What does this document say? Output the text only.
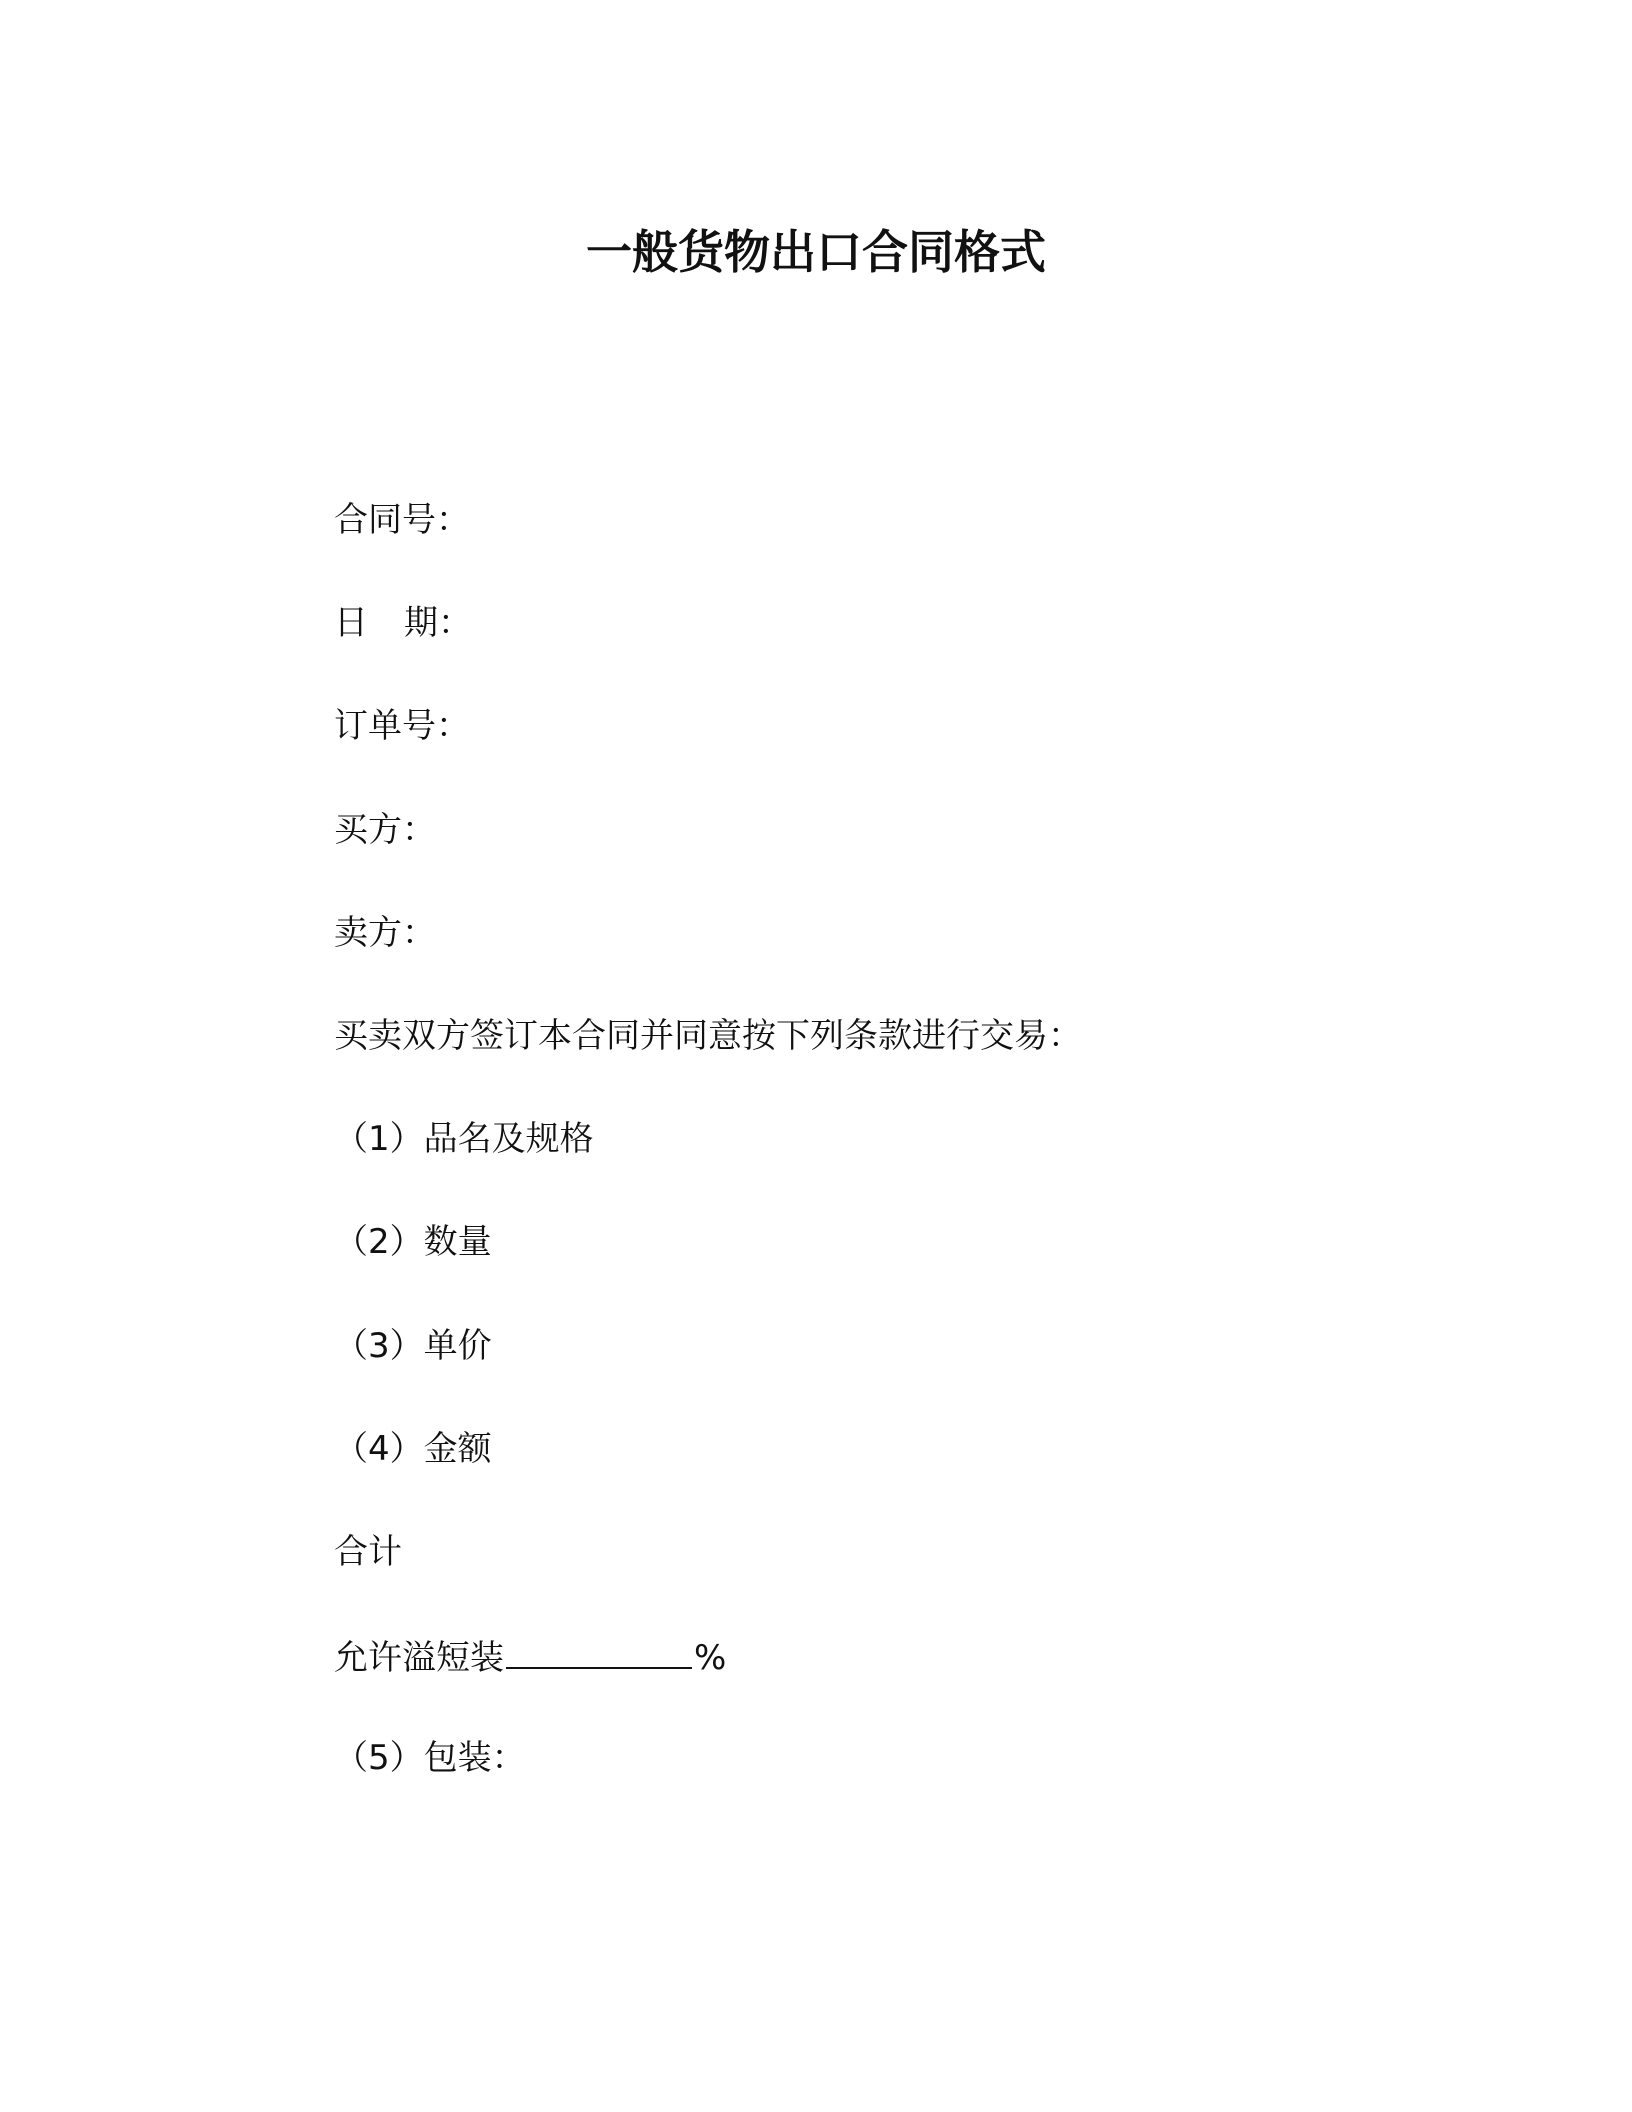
一般货物出口合同格式
合同号：
日 期：
订单号：
买方：
卖方：
买卖双方签订本合同并同意按下列条款进行交易：
（1）品名及规格
（2）数量
（3）单价
（4）金额
合计
允许溢短装	%
（5）包装：
